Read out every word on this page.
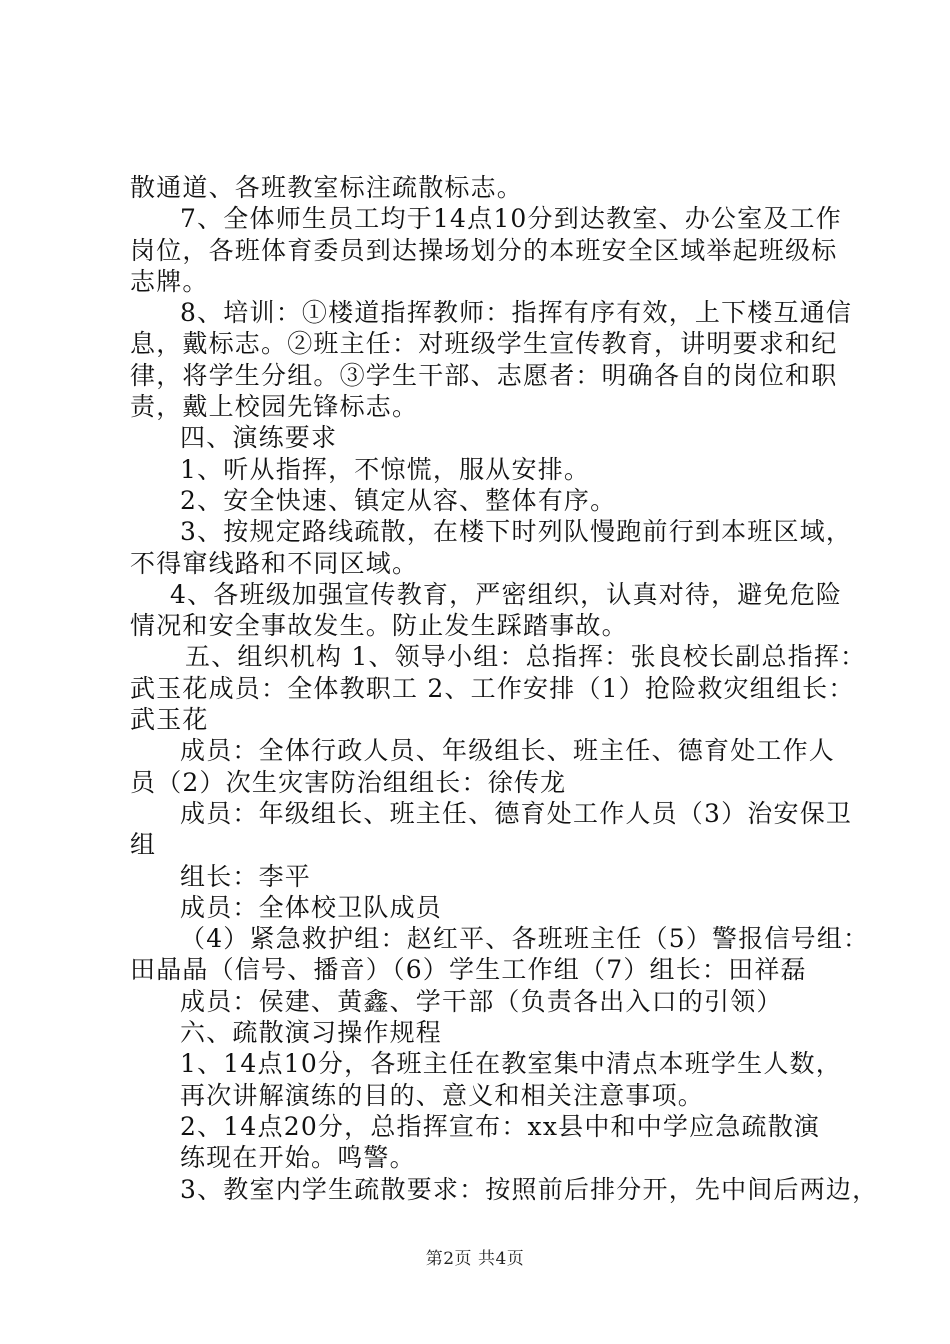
散通道、各班教室标注疏散标志。

7、全体师生员工均于14点10分到达教室、办公室及工作

岗位，各班体育委员到达操场划分的本班安全区域举起班级标

志牌。

8、培训：①楼道指挥教师：指挥有序有效，上下楼互通信

息，戴标志。②班主任：对班级学生宣传教育，讲明要求和纪

律，将学生分组。③学生干部、志愿者：明确各自的岗位和职

责，戴上校园先锋标志。

四、演练要求

1、听从指挥，不惊慌，服从安排。

2、安全快速、镇定从容、整体有序。

3、按规定路线疏散，在楼下时列队慢跑前行到本班区域，

不得窜线路和不同区域。

4、各班级加强宣传教育，严密组织，认真对待，避免危险

情况和安全事故发生。防止发生踩踏事故。

五、组织机构 1、领导小组：总指挥：张良校长副总指挥：

武玉花成员：全体教职工 2、工作安排（1）抢险救灾组组长：

武玉花

成员：全体行政人员、年级组长、班主任、德育处工作人

员（2）次生灾害防治组组长：徐传龙

成员：年级组长、班主任、德育处工作人员（3）治安保卫

组

组长：李平

成员：全体校卫队成员

（4）紧急救护组：赵红平、各班班主任（5）警报信号组：

田晶晶（信号、播音）（6）学生工作组（7）组长：田祥磊

成员：侯建、黄鑫、学干部（负责各出入口的引领）

六、疏散演习操作规程

1、14点10分，各班主任在教室集中清点本班学生人数，

再次讲解演练的目的、意义和相关注意事项。

2、14点20分，总指挥宣布：xx县中和中学应急疏散演

练现在开始。鸣警。

3、教室内学生疏散要求：按照前后排分开，先中间后两边，

第2页 共4页
